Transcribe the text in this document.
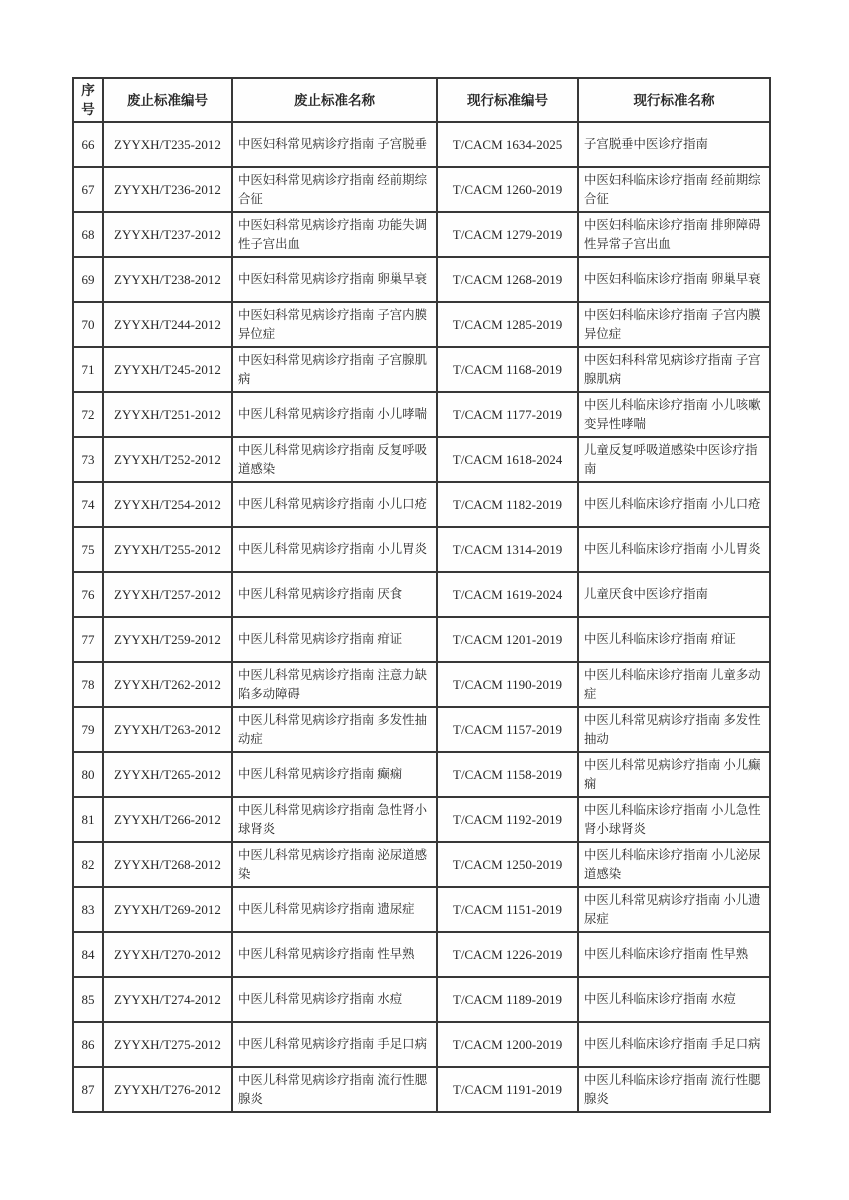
序号	废止标准编号	废止标准名称	现行标准编号	现行标准名称
66	ZYYXH/T235-2012	中医妇科常见病诊疗指南 子宫脱垂	T/CACM 1634-2025	子宫脱垂中医诊疗指南
67	ZYYXH/T236-2012	中医妇科常见病诊疗指南 经前期综合征	T/CACM 1260-2019	中医妇科临床诊疗指南 经前期综合征
68	ZYYXH/T237-2012	中医妇科常见病诊疗指南 功能失调性子宫出血	T/CACM 1279-2019	中医妇科临床诊疗指南 排卵障碍性异常子宫出血
69	ZYYXH/T238-2012	中医妇科常见病诊疗指南 卵巢早衰	T/CACM 1268-2019	中医妇科临床诊疗指南 卵巢早衰
70	ZYYXH/T244-2012	中医妇科常见病诊疗指南 子宫内膜异位症	T/CACM 1285-2019	中医妇科临床诊疗指南 子宫内膜异位症
71	ZYYXH/T245-2012	中医妇科常见病诊疗指南 子宫腺肌病	T/CACM 1168-2019	中医妇科科常见病诊疗指南 子宫腺肌病
72	ZYYXH/T251-2012	中医儿科常见病诊疗指南 小儿哮喘	T/CACM 1177-2019	中医儿科临床诊疗指南 小儿咳嗽变异性哮喘
73	ZYYXH/T252-2012	中医儿科常见病诊疗指南 反复呼吸道感染	T/CACM 1618-2024	儿童反复呼吸道感染中医诊疗指南
74	ZYYXH/T254-2012	中医儿科常见病诊疗指南 小儿口疮	T/CACM 1182-2019	中医儿科临床诊疗指南 小儿口疮
75	ZYYXH/T255-2012	中医儿科常见病诊疗指南 小儿胃炎	T/CACM 1314-2019	中医儿科临床诊疗指南 小儿胃炎
76	ZYYXH/T257-2012	中医儿科常见病诊疗指南 厌食	T/CACM 1619-2024	儿童厌食中医诊疗指南
77	ZYYXH/T259-2012	中医儿科常见病诊疗指南 疳证	T/CACM 1201-2019	中医儿科临床诊疗指南 疳证
78	ZYYXH/T262-2012	中医儿科常见病诊疗指南 注意力缺陷多动障碍	T/CACM 1190-2019	中医儿科临床诊疗指南 儿童多动症
79	ZYYXH/T263-2012	中医儿科常见病诊疗指南 多发性抽动症	T/CACM 1157-2019	中医儿科常见病诊疗指南 多发性抽动
80	ZYYXH/T265-2012	中医儿科常见病诊疗指南 癫痫	T/CACM 1158-2019	中医儿科常见病诊疗指南 小儿癫痫
81	ZYYXH/T266-2012	中医儿科常见病诊疗指南 急性肾小球肾炎	T/CACM 1192-2019	中医儿科临床诊疗指南 小儿急性肾小球肾炎
82	ZYYXH/T268-2012	中医儿科常见病诊疗指南 泌尿道感染	T/CACM 1250-2019	中医儿科临床诊疗指南 小儿泌尿道感染
83	ZYYXH/T269-2012	中医儿科常见病诊疗指南 遗尿症	T/CACM 1151-2019	中医儿科常见病诊疗指南 小儿遗尿症
84	ZYYXH/T270-2012	中医儿科常见病诊疗指南 性早熟	T/CACM 1226-2019	中医儿科临床诊疗指南 性早熟
85	ZYYXH/T274-2012	中医儿科常见病诊疗指南 水痘	T/CACM 1189-2019	中医儿科临床诊疗指南 水痘
86	ZYYXH/T275-2012	中医儿科常见病诊疗指南 手足口病	T/CACM 1200-2019	中医儿科临床诊疗指南 手足口病
87	ZYYXH/T276-2012	中医儿科常见病诊疗指南 流行性腮腺炎	T/CACM 1191-2019	中医儿科临床诊疗指南 流行性腮腺炎
